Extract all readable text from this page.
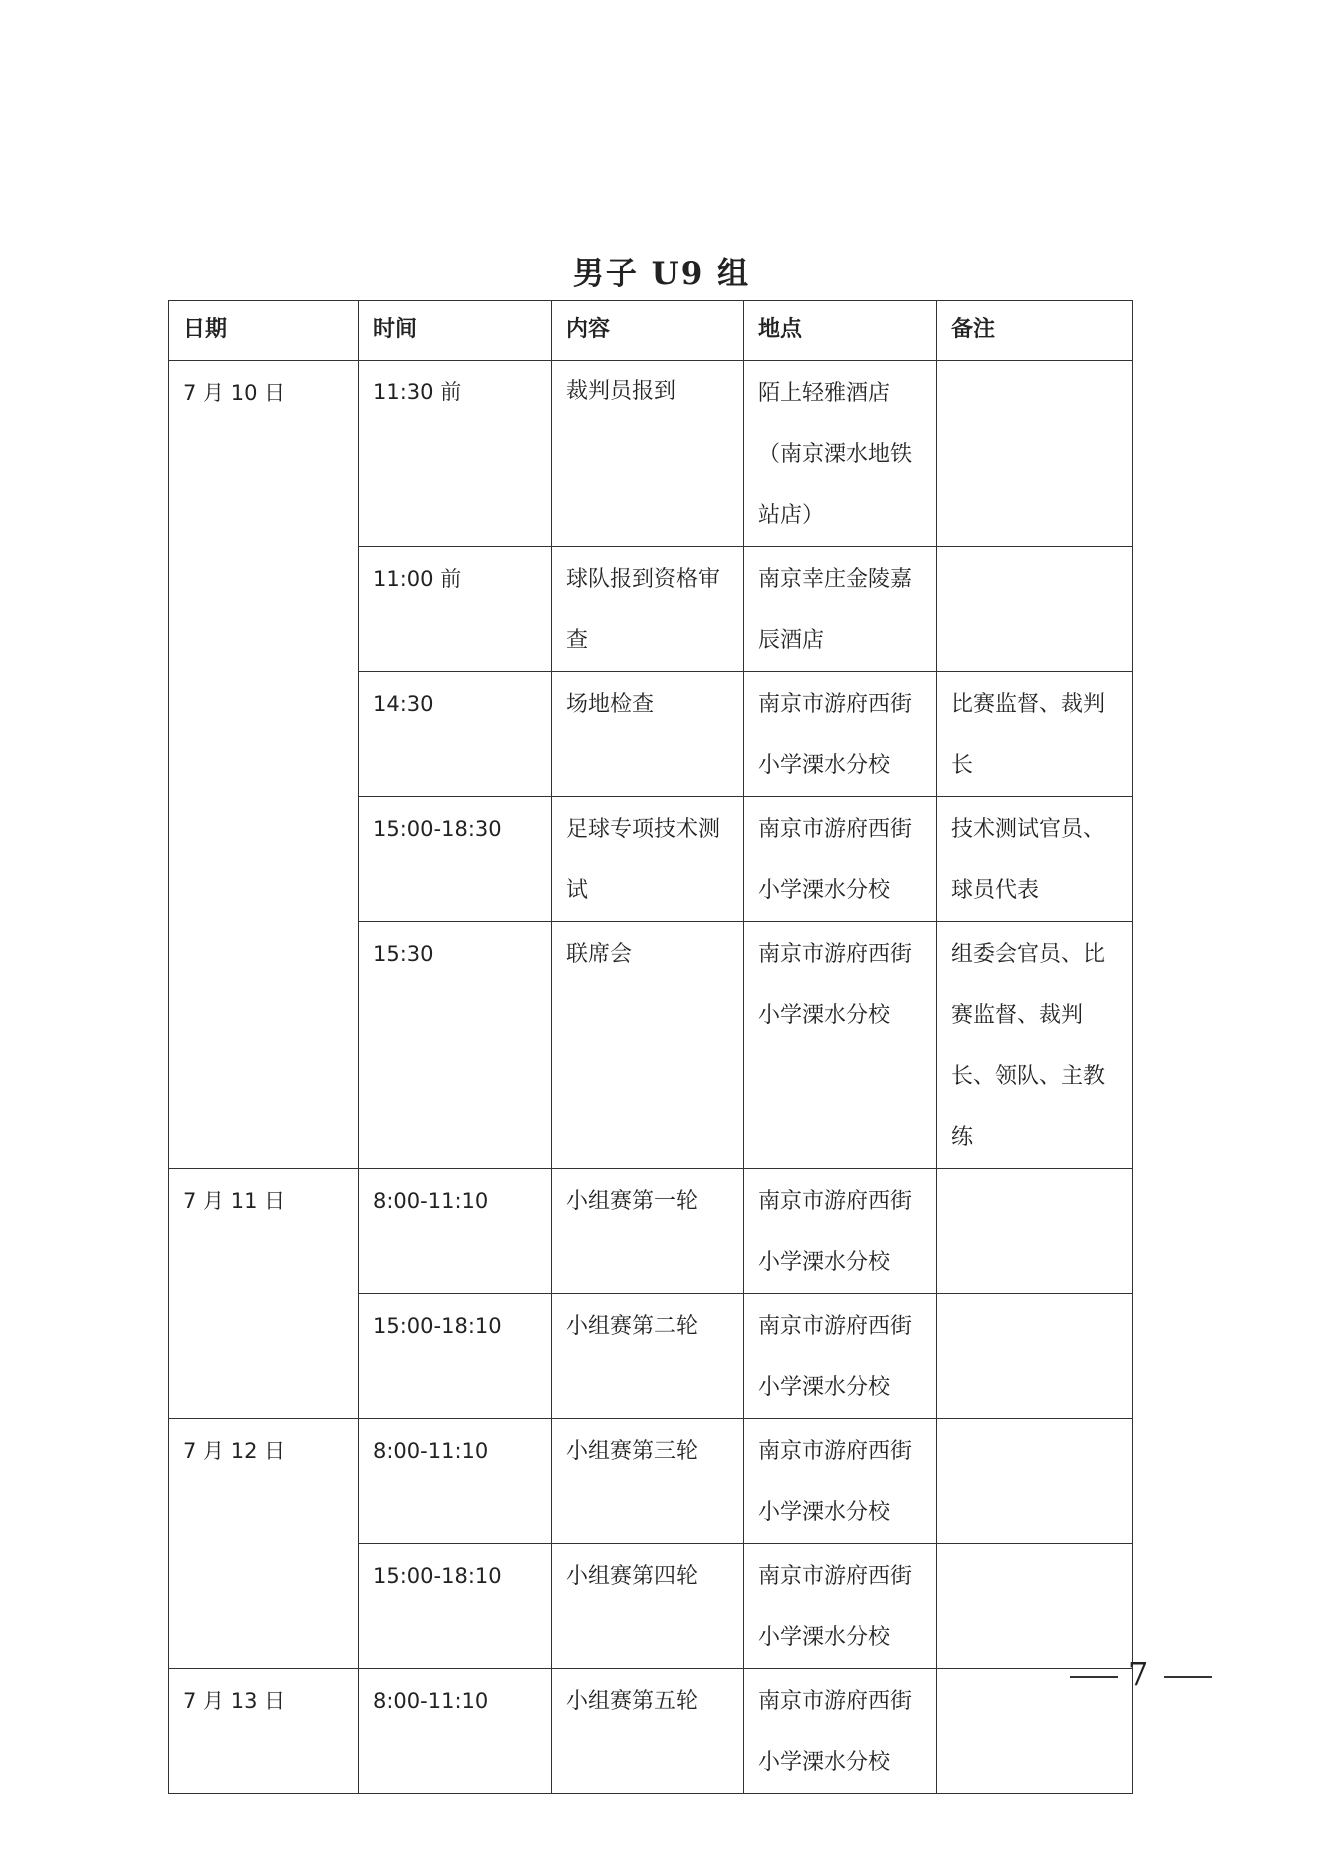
男子 U9 组
日期	时间	内容	地点	备注
7 月 10 日	11:30 前	裁判员报到	陌上轻雅酒店（南京溧水地铁站店）	
	11:00 前	球队报到资格审查	南京幸庄金陵嘉辰酒店	
	14:30	场地检查	南京市游府西街小学溧水分校	比赛监督、裁判长
	15:00-18:30	足球专项技术测试	南京市游府西街小学溧水分校	技术测试官员、球员代表
	15:30	联席会	南京市游府西街小学溧水分校	组委会官员、比赛监督、裁判长、领队、主教练
7 月 11 日	8:00-11:10	小组赛第一轮	南京市游府西街小学溧水分校	
	15:00-18:10	小组赛第二轮	南京市游府西街小学溧水分校	
7 月 12 日	8:00-11:10	小组赛第三轮	南京市游府西街小学溧水分校	
	15:00-18:10	小组赛第四轮	南京市游府西街小学溧水分校	
7 月 13 日	8:00-11:10	小组赛第五轮	南京市游府西街小学溧水分校	
7
